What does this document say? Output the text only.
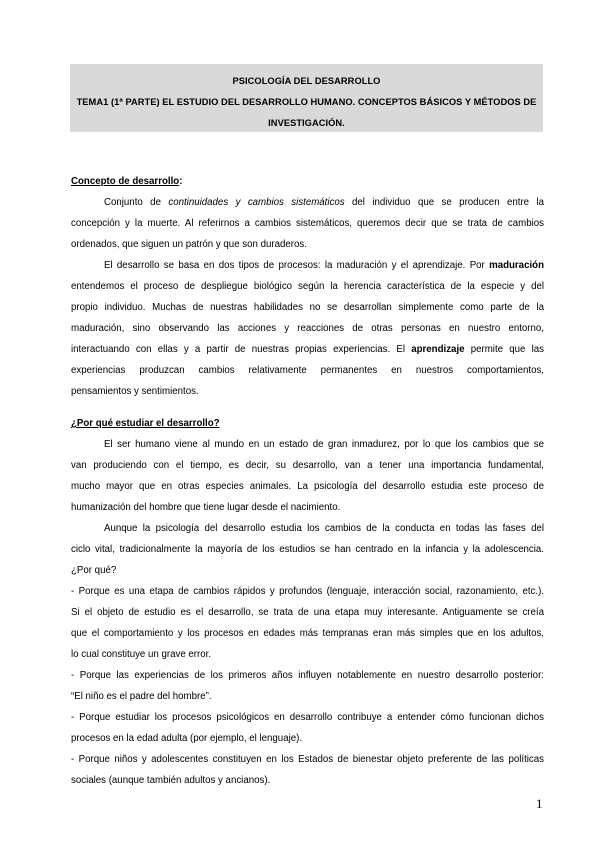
PSICOLOGÍA DEL DESARROLLO
TEMA1 (1ª PARTE) EL ESTUDIO DEL DESARROLLO HUMANO. CONCEPTOS BÁSICOS Y MÉTODOS DE
INVESTIGACIÓN.
Concepto de desarrollo:
Conjunto de continuidades y cambios sistemáticos del individuo que se producen entre la
concepción y la muerte. Al referirnos a cambios sistemáticos, queremos decir que se trata de cambios
ordenados, que siguen un patrón y que son duraderos.
El desarrollo se basa en dos tipos de procesos: la maduración y el aprendizaje. Por maduración
entendemos el proceso de despliegue biológico según la herencia característica de la especie y del
propio individuo. Muchas de nuestras habilidades no se desarrollan simplemente como parte de la
maduración, sino observando las acciones y reacciones de otras personas en nuestro entorno,
interactuando con ellas y a partir de nuestras propias experiencias. El aprendizaje permite que las
experiencias produzcan cambios relativamente permanentes en nuestros comportamientos,
pensamientos y sentimientos.
¿Por qué estudiar el desarrollo?
El ser humano viene al mundo en un estado de gran inmadurez, por lo que los cambios que se
van produciendo con el tiempo, es decir, su desarrollo, van a tener una importancia fundamental,
mucho mayor que en otras especies animales. La psicología del desarrollo estudia este proceso de
humanización del hombre que tiene lugar desde el nacimiento.
Aunque la psicología del desarrollo estudia los cambios de la conducta en todas las fases del
ciclo vital, tradicionalmente la mayoría de los estudios se han centrado en la infancia y la adolescencia.
¿Por qué?
- Porque es una etapa de cambios rápidos y profundos (lenguaje, interacción social, razonamiento, etc.).
Si el objeto de estudio es el desarrollo, se trata de una etapa muy interesante. Antiguamente se creía
que el comportamiento y los procesos en edades más tempranas eran más simples que en los adultos,
lo cual constituye un grave error.
- Porque las experiencias de los primeros años influyen notablemente en nuestro desarrollo posterior:
“El niño es el padre del hombre”.
- Porque estudiar los procesos psicológicos en desarrollo contribuye a entender cómo funcionan dichos
procesos en la edad adulta (por ejemplo, el lenguaje).
- Porque niños y adolescentes constituyen en los Estados de bienestar objeto preferente de las políticas
sociales (aunque también adultos y ancianos).
1
